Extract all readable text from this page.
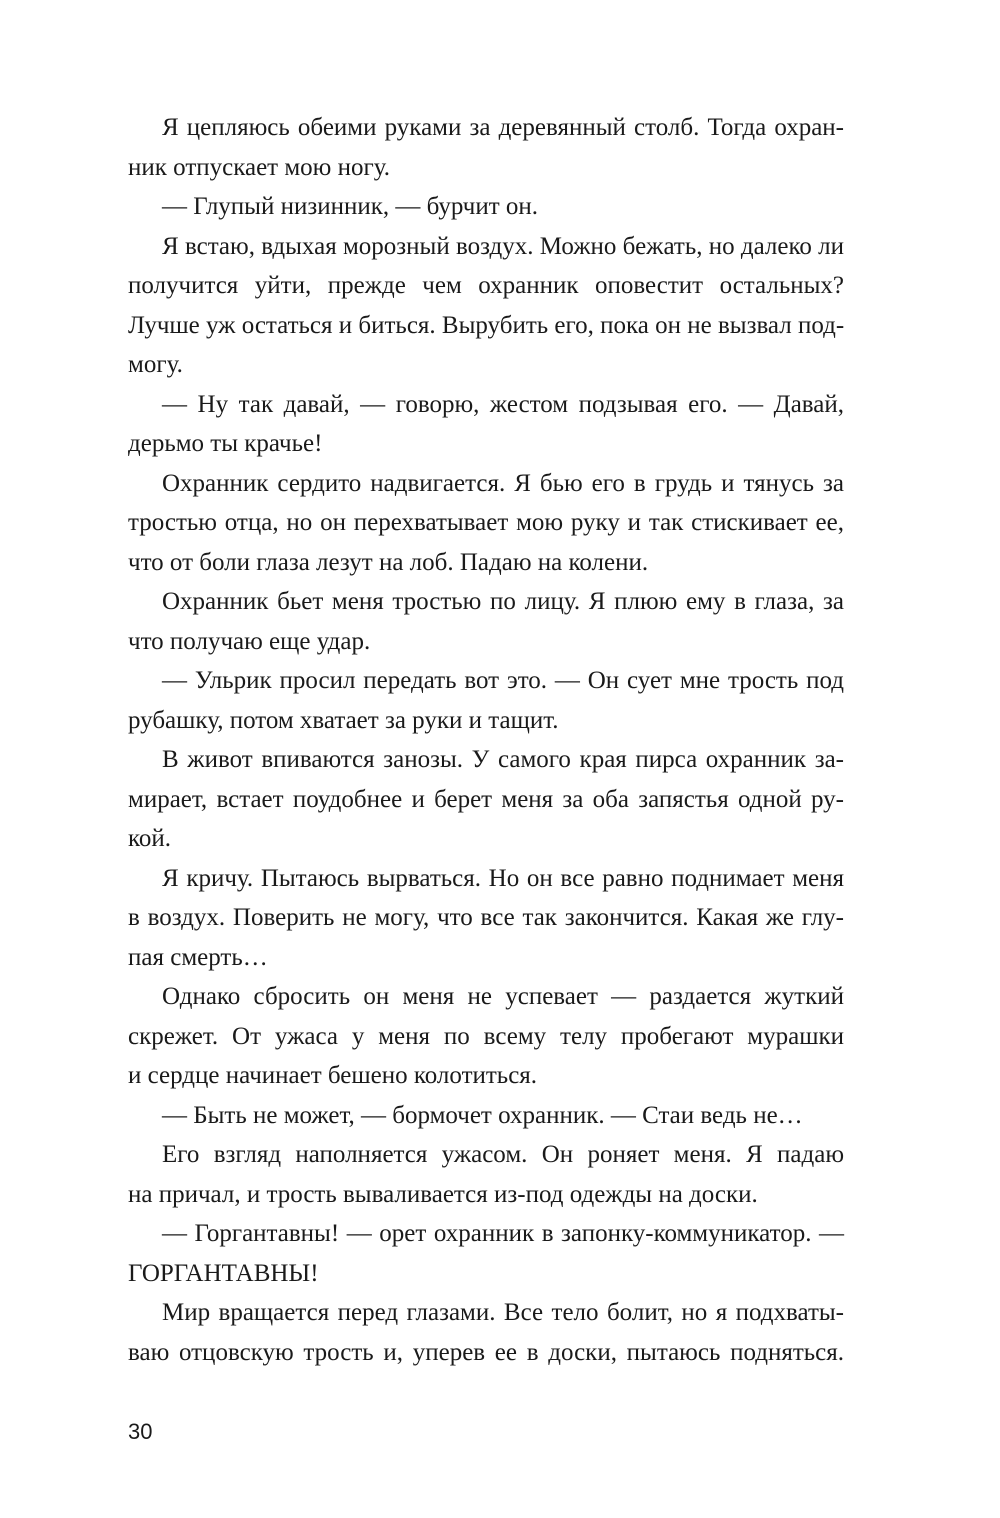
Я цепляюсь обеими руками за деревянный столб. Тогда охран-
ник отпускает мою ногу.
— Глупый низинник, — бурчит он.
Я встаю, вдыхая морозный воздух. Можно бежать, но далеко ли
получится уйти, прежде чем охранник оповестит остальных?
Лучше уж остаться и биться. Вырубить его, пока он не вызвал под-
могу.
— Ну так давай, — говорю, жестом подзывая его. — Давай,
дерьмо ты крачье!
Охранник сердито надвигается. Я бью его в грудь и тянусь за
тростью отца, но он перехватывает мою руку и так стискивает ее,
что от боли глаза лезут на лоб. Падаю на колени.
Охранник бьет меня тростью по лицу. Я плюю ему в глаза, за
что получаю еще удар.
— Ульрик просил передать вот это. — Он сует мне трость под
рубашку, потом хватает за руки и тащит.
В живот впиваются занозы. У самого края пирса охранник за-
мирает, встает поудобнее и берет меня за оба запястья одной ру-
кой.
Я кричу. Пытаюсь вырваться. Но он все равно поднимает меня
в воздух. Поверить не могу, что все так закончится. Какая же глу-
пая смерть…
Однако сбросить он меня не успевает — раздается жуткий
скрежет. От ужаса у меня по всему телу пробегают мурашки
и сердце начинает бешено колотиться.
— Быть не может, — бормочет охранник. — Стаи ведь не…
Его взгляд наполняется ужасом. Он роняет меня. Я падаю
на причал, и трость вываливается из-под одежды на доски.
— Горгантавны! — орет охранник в запонку-коммуникатор. —
ГОРГАНТАВНЫ!
Мир вращается перед глазами. Все тело болит, но я подхваты-
ваю отцовскую трость и, уперев ее в доски, пытаюсь подняться.
30
